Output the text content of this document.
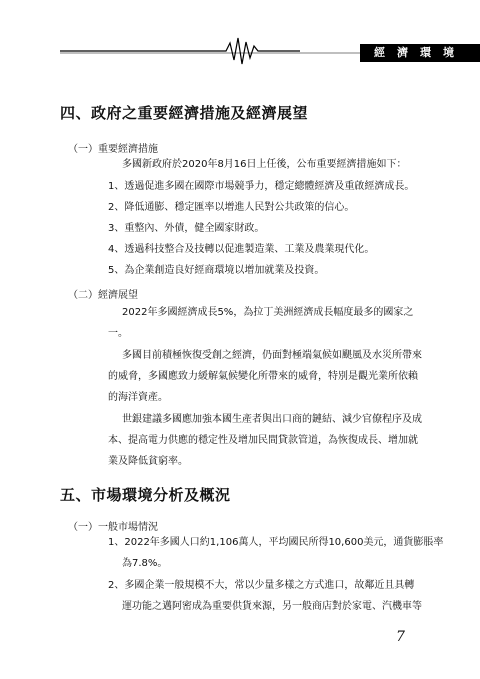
經濟環境
四、政府之重要經濟措施及經濟展望
（一）重要經濟措施
多國新政府於2020年8月16日上任後，公布重要經濟措施如下：
1、透過促進多國在國際市場競爭力，穩定總體經濟及重啟經濟成長。
2、降低通膨、穩定匯率以增進人民對公共政策的信心。
3、重整內、外債，健全國家財政。
4、透過科技整合及技轉以促進製造業、工業及農業現代化。
5、為企業創造良好經商環境以增加就業及投資。
（二）經濟展望
2022年多國經濟成長5%，為拉丁美洲經濟成長幅度最多的國家之
一。
多國目前積極恢復受創之經濟，仍面對極端氣候如颶風及水災所帶來
的威脅，多國應致力緩解氣候變化所帶來的威脅，特別是觀光業所依賴
的海洋資產。
世銀建議多國應加強本國生產者與出口商的鏈結、減少官僚程序及成
本、提高電力供應的穩定性及增加民間貸款管道，為恢復成長、增加就
業及降低貧窮率。
五、市場環境分析及概況
（一）一般市場情況
1、2022年多國人口約1,106萬人，平均國民所得10,600美元，通貨膨脹率
為7.8%。
2、多國企業一般規模不大，常以少量多樣之方式進口，故鄰近且具轉
運功能之邁阿密成為重要供貨來源，另一般商店對於家電、汽機車等
7
